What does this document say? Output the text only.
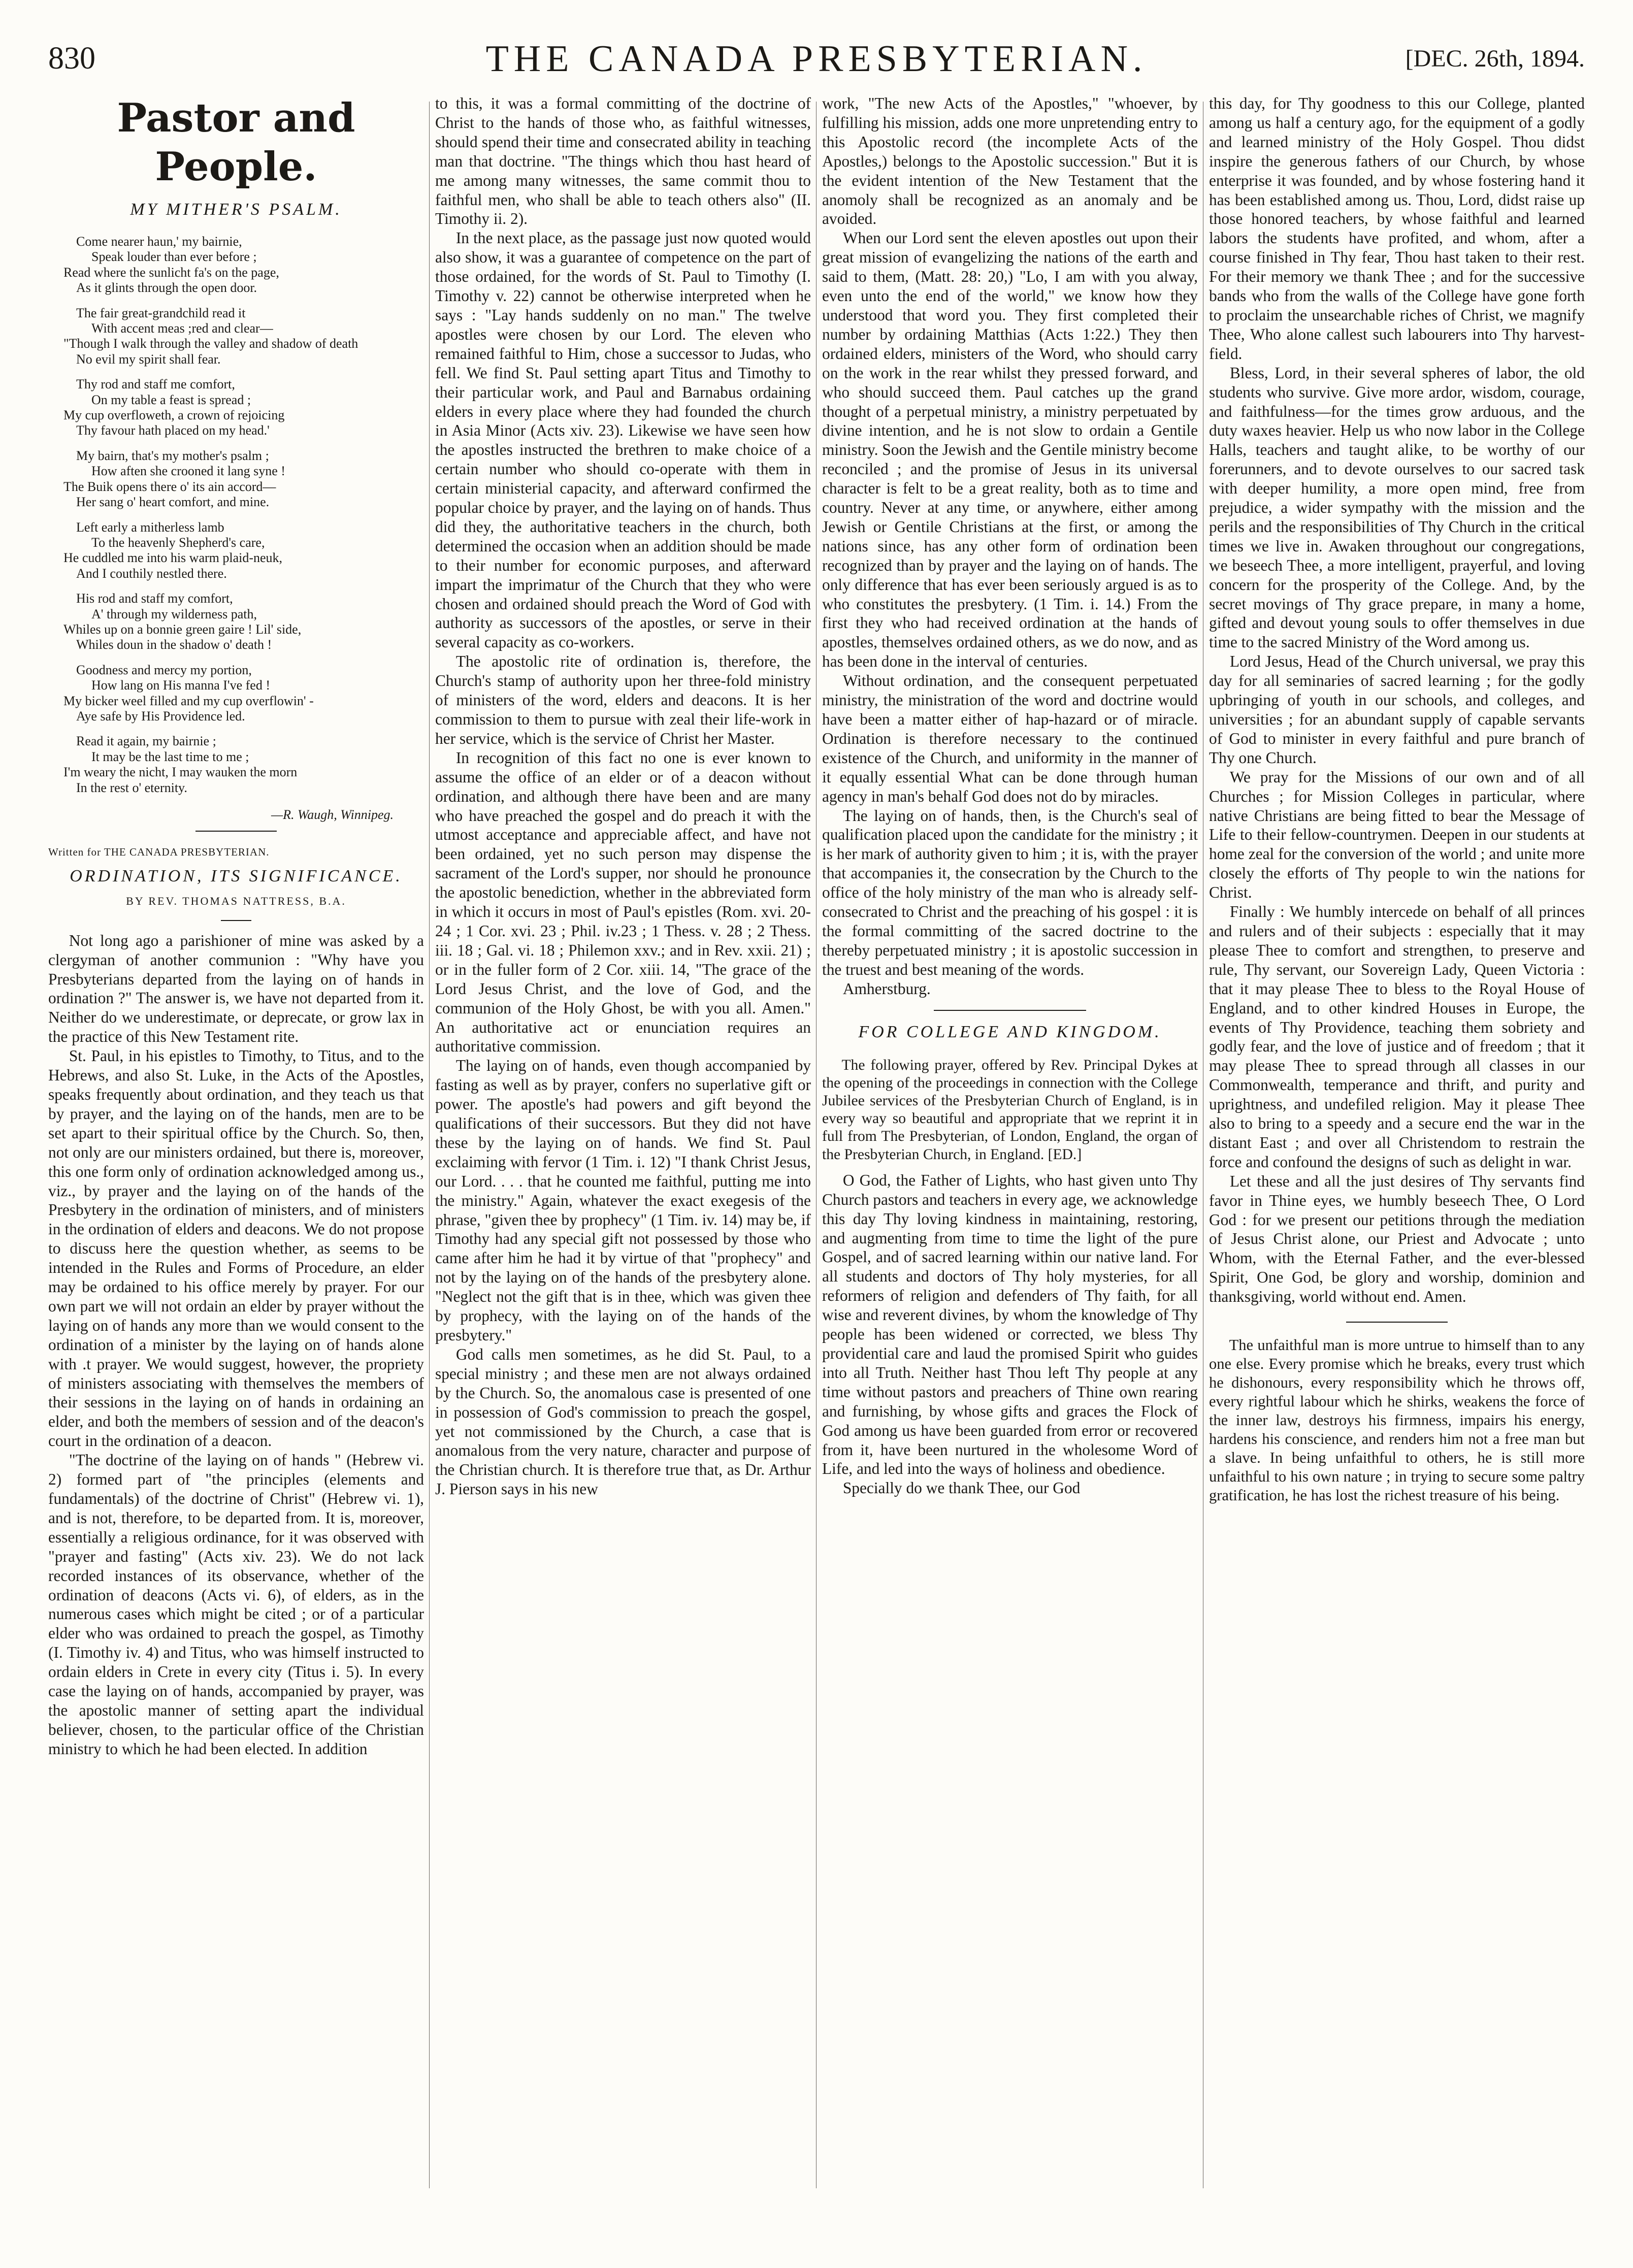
830	THE CANADA PRESBYTERIAN.	[DEC. 26th, 1894.
Pastor and People.
MY MITHER'S PSALM.
Come nearer haun,' my bairnie,
Speak louder than ever before ;
Read where the sunlicht fa's on the page,
As it glints through the open door.
The fair great-grandchild read it
With accent meas ;red and clear—
"Though I walk through the valley and shadow of death
No evil my spirit shall fear.
Thy rod and staff me comfort,
On my table a feast is spread ;
My cup overfloweth, a crown of rejoicing
Thy favour hath placed on my head.'
My bairn, that's my mother's psalm ;
How aften she crooned it lang syne !
The Buik opens there o' its ain accord—
Her sang o' heart comfort, and mine.
Left early a mitherless lamb
To the heavenly Shepherd's care,
He cuddled me into his warm plaid-neuk,
And I couthily nestled there.
His rod and staff my comfort,
A' through my wilderness path,
Whiles up on a bonnie green gaire ! Lil' side,
Whiles doun in the shadow o' death !
Goodness and mercy my portion,
How lang on His manna I've fed !
My bicker weel filled and my cup overflowin' -
Aye safe by His Providence led.
Read it again, my bairnie ;
It may be the last time to me ;
I'm weary the nicht, I may wauken the morn
In the rest o' eternity.
—R. Waugh, Winnipeg.
Written for THE CANADA PRESBYTERIAN.
ORDINATION, ITS SIGNIFICANCE.
BY REV. THOMAS NATTRESS, B.A.

Not long ago a parishioner of mine was asked by a clergyman of another communion : "Why have you Presbyterians departed from the laying on of hands in ordination ?" The answer is, we have not departed from it. Neither do we underestimate, or deprecate, or grow lax in the practice of this New Testament rite.

St. Paul, in his epistles to Timothy, to Titus, and to the Hebrews, and also St. Luke, in the Acts of the Apostles, speaks frequently about ordination, and they teach us that by prayer, and the laying on of the hands, men are to be set apart to their spiritual office by the Church. So, then, not only are our ministers ordained, but there is, moreover, this one form only of ordination acknowledged among us., viz., by prayer and the laying on of the hands of the Presbytery in the ordination of ministers, and of ministers in the ordination of elders and deacons. We do not propose to discuss here the question whether, as seems to be intended in the Rules and Forms of Procedure, an elder may be ordained to his office merely by prayer. For our own part we will not ordain an elder by prayer without the laying on of hands any more than we would consent to the ordination of a minister by the laying on of hands alone with .t prayer. We would suggest, however, the propriety of ministers associating with themselves the members of their sessions in the laying on of hands in ordaining an elder, and both the members of session and of the deacon's court in the ordination of a deacon.

"The doctrine of the laying on of hands " (Hebrew vi. 2) formed part of "the principles (elements and fundamentals) of the doctrine of Christ" (Hebrew vi. 1), and is not, therefore, to be departed from. It is, moreover, essentially a religious ordinance, for it was observed with "prayer and fasting" (Acts xiv. 23). We do not lack recorded instances of its observance, whether of the ordination of deacons (Acts vi. 6), of elders, as in the numerous cases which might be cited ; or of a particular elder who was ordained to preach the gospel, as Timothy (I. Timothy iv. 4) and Titus, who was himself instructed to ordain elders in Crete in every city (Titus i. 5). In every case the laying on of hands, accompanied by prayer, was the apostolic manner of setting apart the individual believer, chosen, to the particular office of the Christian ministry to which he had been elected. In addition

to this, it was a formal committing of the doctrine of Christ to the hands of those who, as faithful witnesses, should spend their time and consecrated ability in teaching man that doctrine. "The things which thou hast heard of me among many witnesses, the same commit thou to faithful men, who shall be able to teach others also" (II. Timothy ii. 2).

In the next place, as the passage just now quoted would also show, it was a guarantee of competence on the part of those ordained, for the words of St. Paul to Timothy (I. Timothy v. 22) cannot be otherwise interpreted when he says : "Lay hands suddenly on no man." The twelve apostles were chosen by our Lord. The eleven who remained faithful to Him, chose a successor to Judas, who fell. We find St. Paul setting apart Titus and Timothy to their particular work, and Paul and Barnabus ordaining elders in every place where they had founded the church in Asia Minor (Acts xiv. 23). Likewise we have seen how the apostles instructed the brethren to make choice of a certain number who should co-operate with them in certain ministerial capacity, and afterward confirmed the popular choice by prayer, and the laying on of hands. Thus did they, the authoritative teachers in the church, both determined the occasion when an addition should be made to their number for economic purposes, and afterward impart the imprimatur of the Church that they who were chosen and ordained should preach the Word of God with authority as successors of the apostles, or serve in their several capacity as co-workers.

The apostolic rite of ordination is, therefore, the Church's stamp of authority upon her three-fold ministry of ministers of the word, elders and deacons. It is her commission to them to pursue with zeal their life-work in her service, which is the service of Christ her Master.

In recognition of this fact no one is ever known to assume the office of an elder or of a deacon without ordination, and although there have been and are many who have preached the gospel and do preach it with the utmost acceptance and appreciable affect, and have not been ordained, yet no such person may dispense the sacrament of the Lord's supper, nor should he pronounce the apostolic benediction, whether in the abbreviated form in which it occurs in most of Paul's epistles (Rom. xvi. 20-24 ; 1 Cor. xvi. 23 ; Phil. iv.23 ; 1 Thess. v. 28 ; 2 Thess. iii. 18 ; Gal. vi. 18 ; Philemon xxv.; and in Rev. xxii. 21) ; or in the fuller form of 2 Cor. xiii. 14, "The grace of the Lord Jesus Christ, and the love of God, and the communion of the Holy Ghost, be with you all. Amen." An authoritative act or enunciation requires an authoritative commission.

The laying on of hands, even though accompanied by fasting as well as by prayer, confers no superlative gift or power. The apostle's had powers and gift beyond the qualifications of their successors. But they did not have these by the laying on of hands. We find St. Paul exclaiming with fervor (1 Tim. i. 12) "I thank Christ Jesus, our Lord. . . . that he counted me faithful, putting me into the ministry." Again, whatever the exact exegesis of the phrase, "given thee by prophecy" (1 Tim. iv. 14) may be, if Timothy had any special gift not possessed by those who came after him he had it by virtue of that "prophecy" and not by the laying on of the hands of the presbytery alone. "Neglect not the gift that is in thee, which was given thee by prophecy, with the laying on of the hands of the presbytery."

God calls men sometimes, as he did St. Paul, to a special ministry ; and these men are not always ordained by the Church. So, the anomalous case is presented of one in possession of God's commission to preach the gospel, yet not commissioned by the Church, a case that is anomalous from the very nature, character and purpose of the Christian church. It is therefore true that, as Dr. Arthur J. Pierson says in his new

work, "The new Acts of the Apostles," "whoever, by fulfilling his mission, adds one more unpretending entry to this Apostolic record (the incomplete Acts of the Apostles,) belongs to the Apostolic succession." But it is the evident intention of the New Testament that the anomoly shall be recognized as an anomaly and be avoided.

When our Lord sent the eleven apostles out upon their great mission of evangelizing the nations of the earth and said to them, (Matt. 28: 20,) "Lo, I am with you alway, even unto the end of the world," we know how they understood that word you. They first completed their number by ordaining Matthias (Acts 1:22.) They then ordained elders, ministers of the Word, who should carry on the work in the rear whilst they pressed forward, and who should succeed them. Paul catches up the grand thought of a perpetual ministry, a ministry perpetuated by divine intention, and he is not slow to ordain a Gentile ministry. Soon the Jewish and the Gentile ministry become reconciled ; and the promise of Jesus in its universal character is felt to be a great reality, both as to time and country. Never at any time, or anywhere, either among Jewish or Gentile Christians at the first, or among the nations since, has any other form of ordination been recognized than by prayer and the laying on of hands. The only difference that has ever been seriously argued is as to who constitutes the presbytery. (1 Tim. i. 14.) From the first they who had received ordination at the hands of apostles, themselves ordained others, as we do now, and as has been done in the interval of centuries.

Without ordination, and the consequent perpetuated ministry, the ministration of the word and doctrine would have been a matter either of hap-hazard or of miracle. Ordination is therefore necessary to the continued existence of the Church, and uniformity in the manner of it equally essential What can be done through human agency in man's behalf God does not do by miracles.

The laying on of hands, then, is the Church's seal of qualification placed upon the candidate for the ministry ; it is her mark of authority given to him ; it is, with the prayer that accompanies it, the consecration by the Church to the office of the holy ministry of the man who is already self-consecrated to Christ and the preaching of his gospel : it is the formal committing of the sacred doctrine to the thereby perpetuated ministry ; it is apostolic succession in the truest and best meaning of the words.

Amherstburg.

FOR COLLEGE AND KINGDOM.

The following prayer, offered by Rev. Principal Dykes at the opening of the proceedings in connection with the College Jubilee services of the Presbyterian Church of England, is in every way so beautiful and appropriate that we reprint it in full from The Presbyterian, of London, England, the organ of the Presbyterian Church, in England. [ED.]

O God, the Father of Lights, who hast given unto Thy Church pastors and teachers in every age, we acknowledge this day Thy loving kindness in maintaining, restoring, and augmenting from time to time the light of the pure Gospel, and of sacred learning within our native land. For all students and doctors of Thy holy mysteries, for all reformers of religion and defenders of Thy faith, for all wise and reverent divines, by whom the knowledge of Thy people has been widened or corrected, we bless Thy providential care and laud the promised Spirit who guides into all Truth. Neither hast Thou left Thy people at any time without pastors and preachers of Thine own rearing and furnishing, by whose gifts and graces the Flock of God among us have been guarded from error or recovered from it, have been nurtured in the wholesome Word of Life, and led into the ways of holiness and obedience.

Specially do we thank Thee, our God

this day, for Thy goodness to this our College, planted among us half a century ago, for the equipment of a godly and learned ministry of the Holy Gospel. Thou didst inspire the generous fathers of our Church, by whose enterprise it was founded, and by whose fostering hand it has been established among us. Thou, Lord, didst raise up those honored teachers, by whose faithful and learned labors the students have profited, and whom, after a course finished in Thy fear, Thou hast taken to their rest. For their memory we thank Thee ; and for the successive bands who from the walls of the College have gone forth to proclaim the unsearchable riches of Christ, we magnify Thee, Who alone callest such labourers into Thy harvest-field.

Bless, Lord, in their several spheres of labor, the old students who survive. Give more ardor, wisdom, courage, and faithfulness—for the times grow arduous, and the duty waxes heavier. Help us who now labor in the College Halls, teachers and taught alike, to be worthy of our forerunners, and to devote ourselves to our sacred task with deeper humility, a more open mind, free from prejudice, a wider sympathy with the mission and the perils and the responsibilities of Thy Church in the critical times we live in. Awaken throughout our congregations, we beseech Thee, a more intelligent, prayerful, and loving concern for the prosperity of the College. And, by the secret movings of Thy grace prepare, in many a home, gifted and devout young souls to offer themselves in due time to the sacred Ministry of the Word among us.

Lord Jesus, Head of the Church universal, we pray this day for all seminaries of sacred learning ; for the godly upbringing of youth in our schools, and colleges, and universities ; for an abundant supply of capable servants of God to minister in every faithful and pure branch of Thy one Church.

We pray for the Missions of our own and of all Churches ; for Mission Colleges in particular, where native Christians are being fitted to bear the Message of Life to their fellow-countrymen. Deepen in our students at home zeal for the conversion of the world ; and unite more closely the efforts of Thy people to win the nations for Christ.

Finally : We humbly intercede on behalf of all princes and rulers and of their subjects : especially that it may please Thee to comfort and strengthen, to preserve and rule, Thy servant, our Sovereign Lady, Queen Victoria : that it may please Thee to bless to the Royal House of England, and to other kindred Houses in Europe, the events of Thy Providence, teaching them sobriety and godly fear, and the love of justice and of freedom ; that it may please Thee to spread through all classes in our Commonwealth, temperance and thrift, and purity and uprightness, and undefiled religion. May it please Thee also to bring to a speedy and a secure end the war in the distant East ; and over all Christendom to restrain the force and confound the designs of such as delight in war.

Let these and all the just desires of Thy servants find favor in Thine eyes, we humbly beseech Thee, O Lord God : for we present our petitions through the mediation of Jesus Christ alone, our Priest and Advocate ; unto Whom, with the Eternal Father, and the ever-blessed Spirit, One God, be glory and worship, dominion and thanksgiving, world without end. Amen.

The unfaithful man is more untrue to himself than to any one else. Every promise which he breaks, every trust which he dishonours, every responsibility which he throws off, every rightful labour which he shirks, weakens the force of the inner law, destroys his firmness, impairs his energy, hardens his conscience, and renders him not a free man but a slave. In being unfaithful to others, he is still more unfaithful to his own nature ; in trying to secure some paltry gratification, he has lost the richest treasure of his being.
